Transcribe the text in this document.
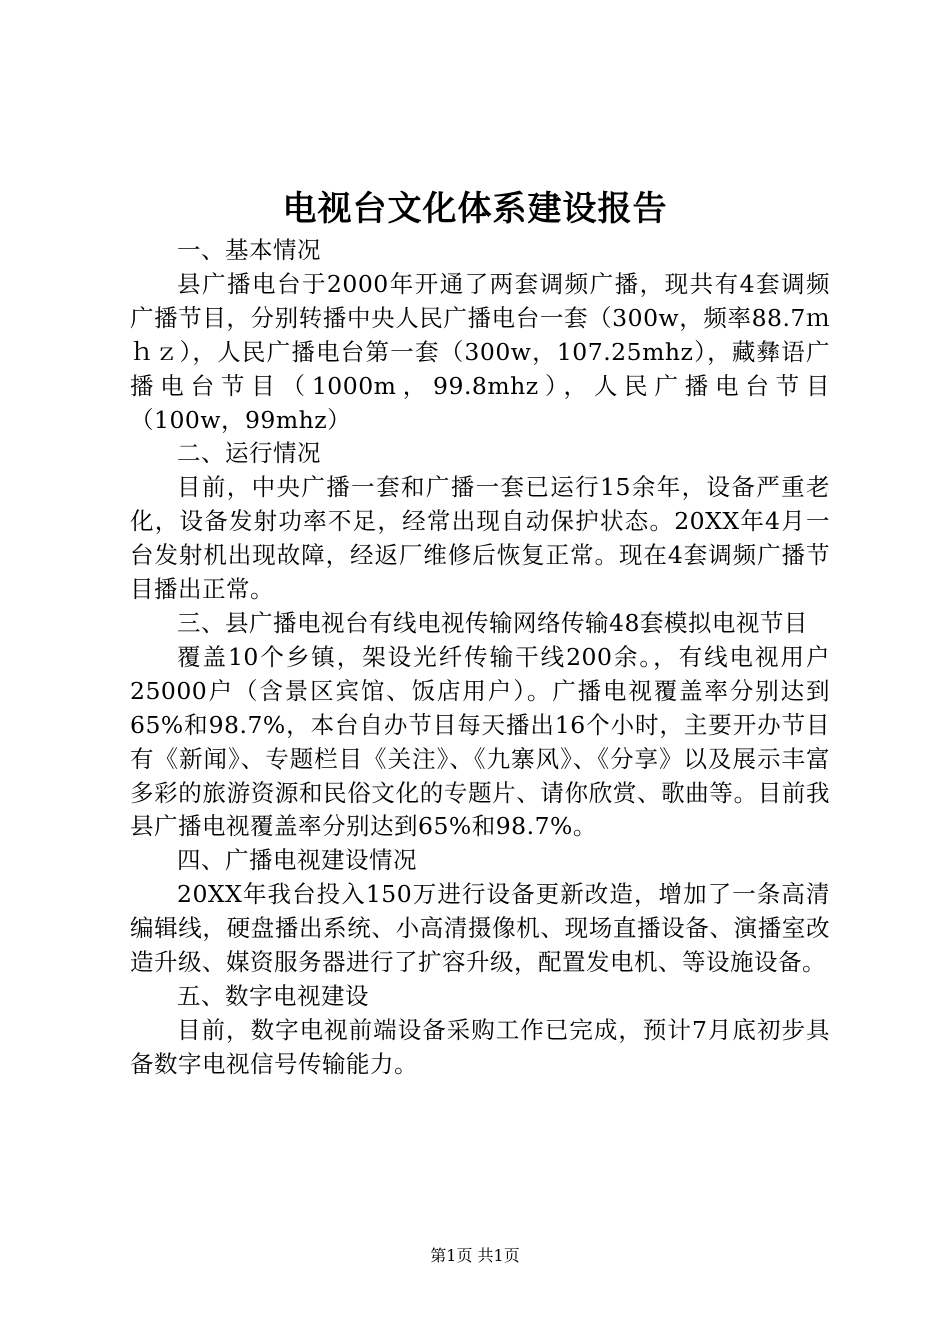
电视台文化体系建设报告

一、基本情况

县广播电台于2000年开通了两套调频广播，现共有4套调频广播节目，分别转播中央人民广播电台一套（300w，频率88.7ｍｈｚ），人民广播电台第一套（300w，107.25mhz），藏彝语广播电台节目（1000m，99.8mhz），人民广播电台节目（100w，99mhz）

二、运行情况

目前，中央广播一套和广播一套已运行15余年，设备严重老化，设备发射功率不足，经常出现自动保护状态。20XX年4月一台发射机出现故障，经返厂维修后恢复正常。现在4套调频广播节目播出正常。

三、县广播电视台有线电视传输网络传输48套模拟电视节目

覆盖10个乡镇，架设光纤传输干线200余。，有线电视用户25000户（含景区宾馆、饭店用户）。广播电视覆盖率分别达到65%和98.7%，本台自办节目每天播出16个小时，主要开办节目有《新闻》、专题栏目《关注》、《九寨风》、《分享》以及展示丰富多彩的旅游资源和民俗文化的专题片、请你欣赏、歌曲等。目前我县广播电视覆盖率分别达到65%和98.7%。

四、广播电视建设情况

20XX年我台投入150万进行设备更新改造，增加了一条高清编辑线，硬盘播出系统、小高清摄像机、现场直播设备、演播室改造升级、媒资服务器进行了扩容升级，配置发电机、等设施设备。

五、数字电视建设

目前，数字电视前端设备采购工作已完成，预计7月底初步具备数字电视信号传输能力。

第1页 共1页
